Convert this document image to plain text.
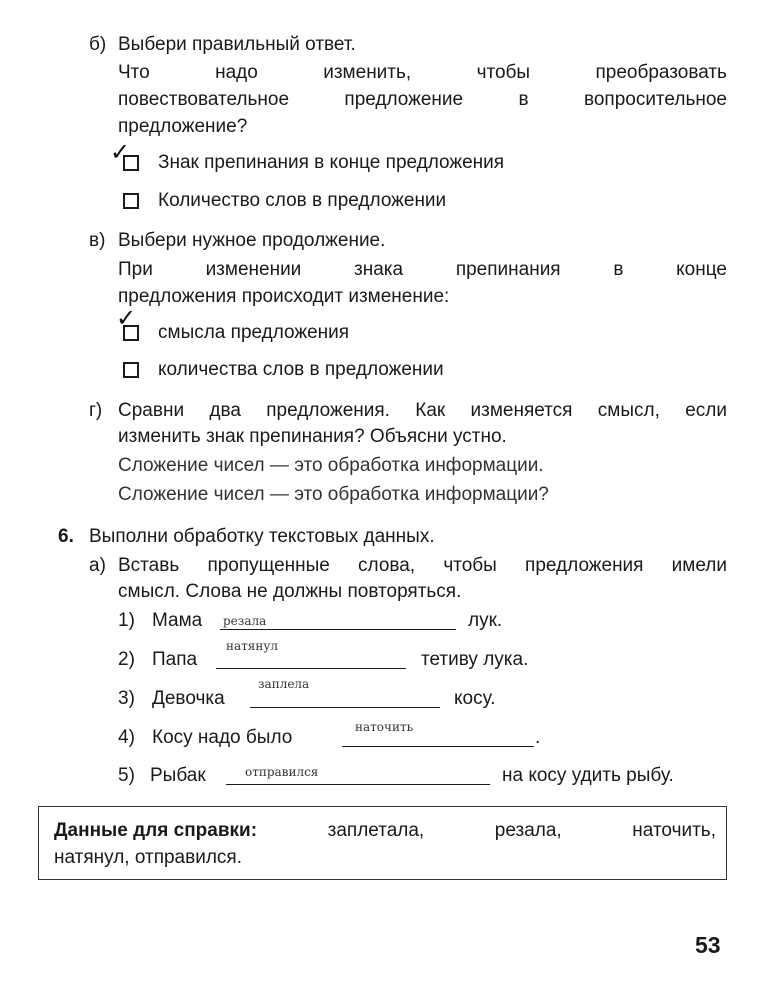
б) Выбери правильный ответ.
Что	надо	изменить,	чтобы	преобразовать
повествовательное	предложение	в	вопросительное
предложение?
✓ Знак препинания в конце предложения
Количество слов в предложении
в) Выбери нужное продолжение.
При	изменении	знака	препинания	в	конце
предложения происходит изменение:
✓
смысла предложения
количества слов в предложении
г) Сравни два предложения. Как изменяется смысл, если
изменить знак препинания? Объясни устно.
Сложение чисел — это обработка информации.
Сложение чисел — это обработка информации?
6. Выполни обработку текстовых данных.
а) Вставь пропущенные слова, чтобы предложения имели
смысл. Слова не должны повторяться.
1) Мама резала	лук.
2) Папа
натянул
тетиву лука.
3) Девочка
заплела
косу.
4) Косу надо было	наточить	.
5) Рыбак	отправился	на косу удить рыбу.
Данные для справки:	заплетала,	резала,	наточить,
натянул, отправился.
53
